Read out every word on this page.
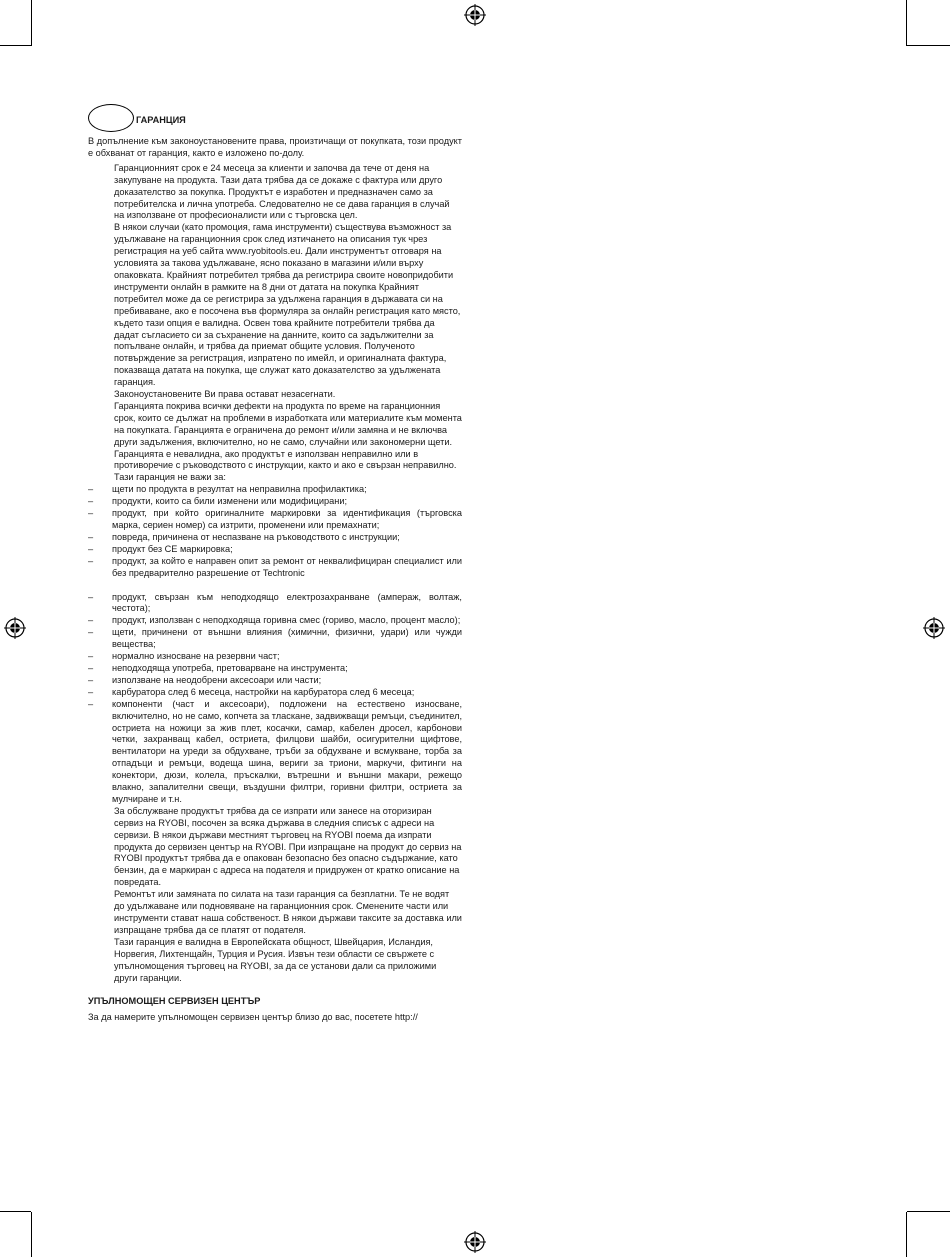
ГАРАНЦИЯ

В допълнение към законоустановените права, произтичащи от покупката, този продукт е обхванат от гаранция, както е изложено по-долу.

Гаранционният срок е 24 месеца за клиенти и започва да тече от деня на закупуване на продукта. Тази дата трябва да се докаже с фактура или друго доказателство за покупка. Продуктът е изработен и предназначен само за потребителска и лична употреба. Следователно не се дава гаранция в случай на използване от професионалисти или с търговска цел.

В някои случаи (като промоция, гама инструменти) съществува възможност за удължаване на гаранционния срок след изтичането на описания тук чрез регистрация на уеб сайта www.ryobitools.eu. Дали инструментът отговаря на условията за такова удължаване, ясно показано в магазини и/или върху опаковката. Крайният потребител трябва да регистрира своите новопридобити инструменти онлайн в рамките на 8 дни от датата на покупка Крайният потребител може да се регистрира за удължена гаранция в държавата си на пребиваване, ако е посочена във формуляра за онлайн регистрация като място, където тази опция е валидна. Освен това крайните потребители трябва да дадат съгласието си за съхранение на данните, които са задължителни за попълване онлайн, и трябва да приемат общите условия. Полученото потвърждение за регистрация, изпратено по имейл, и оригиналната фактура, показваща датата на покупка, ще служат като доказателство за удължената гаранция.

Законоустановените Ви права остават незасегнати.

Гаранцията покрива всички дефекти на продукта по време на гаранционния срок, които се дължат на проблеми в изработката или материалите към момента на покупката. Гаранцията е ограничена до ремонт и/или замяна и не включва други задължения, включително, но не само, случайни или закономерни щети.

Гаранцията е невалидна, ако продуктът е използван неправилно или в противоречие с ръководството с инструкции, както и ако е свързан неправилно. Тази гаранция не важи за:

– щети по продукта в резултат на неправилна профилактика;
– продукти, които са били изменени или модифицирани;
– продукт, при който оригиналните маркировки за идентификация (търговска марка, сериен номер) са изтрити, променени или премахнати;
– повреда, причинена от неспазване на ръководството с инструкции;
– продукт без CE маркировка;
– продукт, за който е направен опит за ремонт от неквалифициран специалист или без предварително разрешение от Techtronic
– продукт, свързан към неподходящо електрозахранване (ампераж, волтаж, честота);
– продукт, използван с неподходяща горивна смес (гориво, масло, процент масло);
– щети, причинени от външни влияния (химични, физични, удари) или чужди вещества;
– нормално износване на резервни част;
– неподходяща употреба, претоварване на инструмента;
– използване на неодобрени аксесоари или части;
– карбуратора след 6 месеца, настройки на карбуратора след 6 месеца;
– компоненти (част и аксесоари), подложени на естествено износване, включително, но не само, копчета за тласкане, задвижващи ремъци, съединител, остриета на ножици за жив плет, косачки, самар, кабелен дросел, карбонови четки, захранващ кабел, остриета, филцови шайби, осигурителни щифтове, вентилатори на уреди за обдухване, тръби за обдухване и всмукване, торба за отпадъци и ремъци, водеща шина, вериги за триони, маркучи, фитинги на конектори, дюзи, колела, пръскалки, вътрешни и външни макари, режещо влакно, запалителни свещи, въздушни филтри, горивни филтри, остриета за мулчиране и т.н.

За обслужване продуктът трябва да се изпрати или занесе на оторизиран сервиз на RYOBI, посочен за всяка държава в следния списък с адреси на сервизи. В някои държави местният търговец на RYOBI поема да изпрати продукта до сервизен център на RYOBI. При изпращане на продукт до сервиз на RYOBI продуктът трябва да е опакован безопасно без опасно съдържание, като бензин, да е маркиран с адреса на подателя и придружен от кратко описание на повредата.

Ремонтът или замяната по силата на тази гаранция са безплатни. Те не водят до удължаване или подновяване на гаранционния срок. Сменените части или инструменти стават наша собственост. В някои държави таксите за доставка или изпращане трябва да се платят от подателя.

Тази гаранция е валидна в Европейската общност, Швейцария, Исландия, Норвегия, Лихтенщайн, Турция и Русия. Извън тези области се свържете с упълномощения търговец на RYOBI, за да се установи дали са приложими други гаранции.

УПЪЛНОМОЩЕН СЕРВИЗЕН ЦЕНТЪР
За да намерите упълномощен сервизен център близо до вас, посетете http://
